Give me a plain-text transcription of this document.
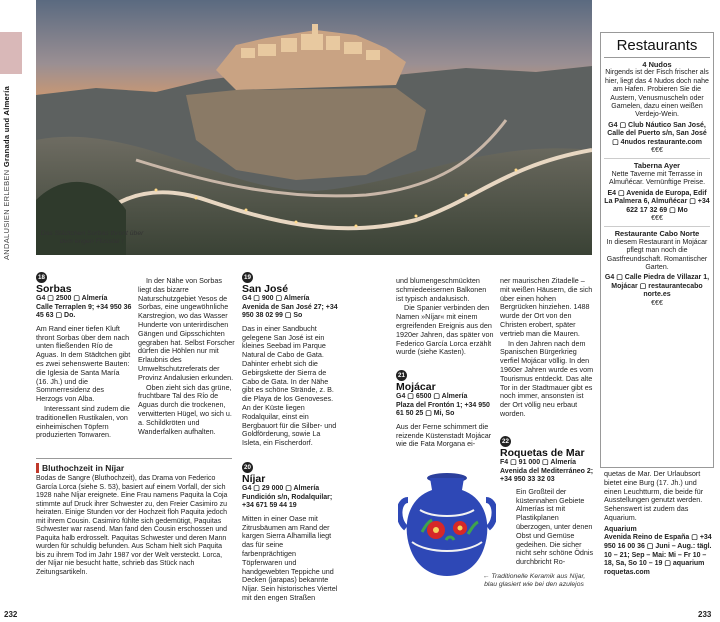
ANDALUSIEN ERLEBEN Granada und Almería
Das Städtchen Sorbas thront über dem engen Flusstal ↑
18
Sorbas
G4 ▢ 2500 ▢ Almería
Calle Terraplen 9; +34 950 36 45 63 ▢ Do.

Am Rand einer tiefen Kluft thront Sorbas über dem nach unten fließenden Río de Aguas. In dem Städtchen gibt es zwei sehenswerte Bauten: die Iglesia de Santa María (16. Jh.) und die Sommerresidenz des Herzogs von Alba.

Interessant sind zudem die traditionellen Rustikalen, von einheimischen Töpfern produzierten Tonwaren.

In der Nähe von Sorbas liegt das bizarre Naturschutzgebiet Yesos de Sorbas, eine ungewöhnliche Karstregion, wo das Wasser Hunderte von unterirdischen Gängen und Gipsschichten gegraben hat. Selbst Forscher dürfen die Höhlen nur mit Erlaubnis des Umweltschutzreferats der Provinz Andalusien erkunden.

Oben zieht sich das grüne, fruchtbare Tal des Río de Aguas durch die trockenen, verwitterten Hügel, wo sich u. a. Schildkröten und Wanderfalken aufhalten.

Bluthochzeit in Níjar
Bodas de Sangre (Bluthochzeit), das Drama von Federico García Lorca (siehe S. 53), basiert auf einem Vorfall, der sich 1928 nahe Níjar ereignete. Eine Frau namens Paquita la Coja stimmte auf Druck ihrer Schwester zu, den Freier Casimiro zu heiraten. Einige Stunden vor der Hochzeit floh Paquita jedoch mit ihrem Cousin. Casimiro fühlte sich gedemütigt, Paquitas Schwester war rasend. Man fand den Cousin erschossen und Paquita halb erdrosselt. Paquitas Schwester und deren Mann wurden für schuldig befunden. Aus Scham hielt sich Paquita bis zu ihrem Tod im Jahr 1987 vor der Welt versteckt. Lorca, der Níjar nie besucht hatte, schrieb das Stück nach Zeitungsartikeln.
19
San José
G4 ▢ 900 ▢ Almería
Avenida de San José 27; +34 950 38 02 99 ▢ So

Das in einer Sandbucht gelegene San José ist ein kleines Seebad im Parque Natural de Cabo de Gata. Dahinter erhebt sich die Gebirgskette der Sierra de Cabo de Gata. In der Nähe gibt es schöne Strände, z. B. die Playa de los Genoveses. An der Küste liegen Rodalquilar, einst ein Bergbauort für die Silber- und Goldförderung, sowie La Isleta, ein Fischerdorf.

20
Níjar
G4 ▢ 29 000 ▢ Almería
Fundición s/n, Rodalquilar; +34 671 59 44 19

Mitten in einer Oase mit Zitrusbäumen am Rand der kargen Sierra Alhamilla liegt das für seine farbenprächtigen Töpferwaren und handgewebten Teppiche und Decken (jarapas) bekannte Níjar. Sein historisches Viertel mit den engen Straßen

und blumengeschmückten schmiedeeisernen Balkonen ist typisch andalusisch.

Die Spanier verbinden den Namen »Níjar« mit einem ergreifenden Ereignis aus den 1920er Jahren, das später von Federico García Lorca erzählt wurde (siehe Kasten).

21
Mojácar
G4 ▢ 6500 ▢ Almería
Plaza del Frontón 1; +34 950 61 50 25 ▢ Mi, So

Aus der Ferne schimmert die reizende Küstenstadt Mojácar wie die Fata Morgana ei-

ner maurischen Zitadelle – mit weißen Häusern, die sich über einen hohen Bergrücken hinziehen. 1488 wurde der Ort von den Christen erobert, später vertrieb man die Mauren.

In den Jahren nach dem Spanischen Bürgerkrieg verfiel Mojácar völlig. In den 1960er Jahren wurde es vom Tourismus entdeckt. Das alte Tor in der Stadtmauer gibt es noch immer, ansonsten ist der Ort völlig neu erbaut worden.

22
Roquetas de Mar
F4 ▢ 91 000 ▢ Almería
Avenida del Mediterráneo 2; +34 950 33 32 03

Ein Großteil der küstennahen Gebiete Almerías ist mit Plastikplanen überzogen, unter denen Obst und Gemüse gedeihen. Die sicher nicht sehr schöne Ödnis durchbricht Ro-

← Traditionelle Keramik aus Níjar, blau glasiert wie bei den azulejos

quetas de Mar. Der Urlaubsort bietet eine Burg (17. Jh.) und einen Leuchtturm, die beide für Ausstellungen genutzt werden. Sehenswert ist zudem das Aquarium.

Aquarium
Avenida Reino de España ▢ +34 950 16 00 36 ▢ Juni – Aug.: tägl. 10 – 21; Sep – Mai: Mi – Fr 10 – 18, Sa, So 10 – 19 ▢ aquarium roquetas.com
Restaurants
4 Nudos
Nirgends ist der Fisch frischer als hier, liegt das 4 Nudos doch nahe am Hafen. Probieren Sie die Austern, Venusmuscheln oder Garnelen, dazu einen weißen Verdejo-Wein.
G4 ▢ Club Náutico San José, Calle del Puerto s/n, San José ▢ 4nudos restaurante.com
€€€
Taberna Ayer
Nette Taverne mit Terrasse in Almuñécar. Vernünftige Preise.
E4 ▢ Avenida de Europa, Edif La Palmera 6, Almuñécar ▢ +34 622 17 32 69 ▢ Mo
€€€
Restaurante Cabo Norte
In diesem Restaurant in Mojácar pflegt man noch die Gastfreundschaft. Romantischer Garten.
G4 ▢ Calle Piedra de Villazar 1, Mojácar ▢ restaurantecabo norte.es
€€€
232	233
